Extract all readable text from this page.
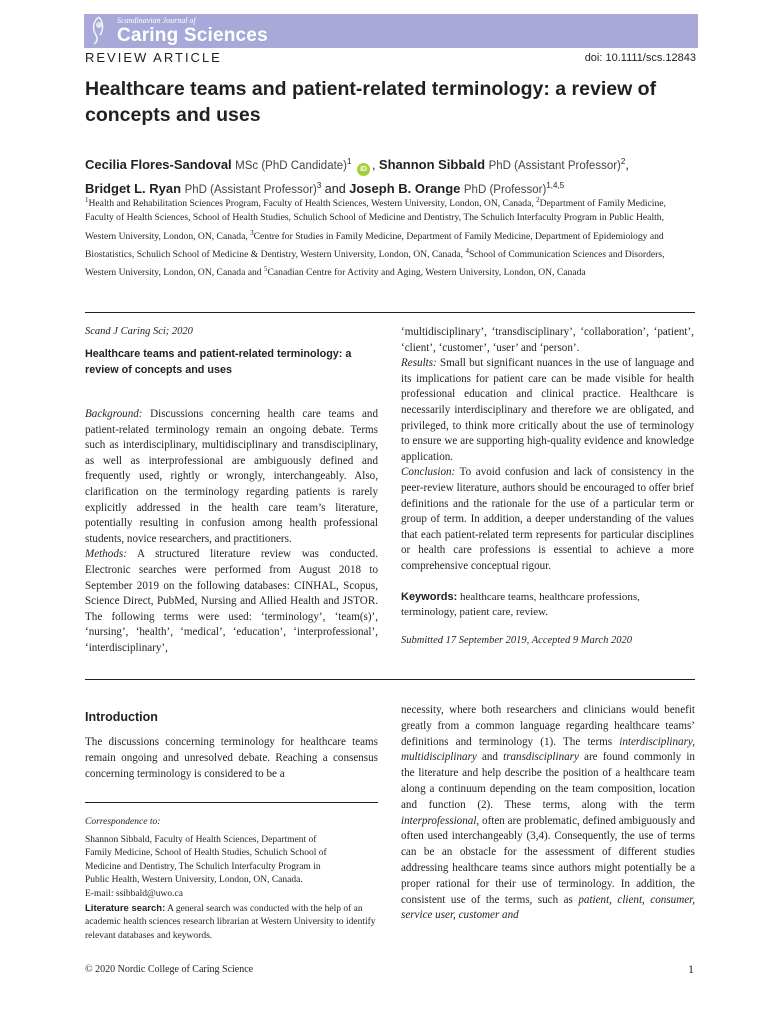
Scandinavian Journal of
Caring Sciences
REVIEW ARTICLE	doi: 10.1111/scs.12843
Healthcare teams and patient-related terminology: a review of concepts and uses
Cecilia Flores-Sandoval MSc (PhD Candidate)$^1$ iD , Shannon Sibbald PhD (Assistant Professor)$^2$,
Bridget L. Ryan PhD (Assistant Professor)$^3$ and Joseph B. Orange PhD (Professor)$^{1,4,5}$
$^1$Health and Rehabilitation Sciences Program, Faculty of Health Sciences, Western University, London, ON, Canada, $^2$Department of Family Medicine, Faculty of Health Sciences, School of Health Studies, Schulich School of Medicine and Dentistry, The Schulich Interfaculty Program in Public Health, Western University, London, ON, Canada, $^3$Centre for Studies in Family Medicine, Department of Family Medicine, Department of Epidemiology and Biostatistics, Schulich School of Medicine & Dentistry, Western University, London, ON, Canada, $^4$School of Communication Sciences and Disorders, Western University, London, ON, Canada and $^5$Canadian Centre for Activity and Aging, Western University, London, ON, Canada

Scand J Caring Sci; 2020

Healthcare teams and patient-related terminology: a review of concepts and uses

Background: Discussions concerning health care teams and patient-related terminology remain an ongoing debate. Terms such as interdisciplinary, multidisciplinary and transdisciplinary, as well as interprofessional are ambiguously defined and frequently used, rightly or wrongly, interchangeably. Also, clarification on the terminology regarding patients is rarely explicitly addressed in the health care team’s literature, potentially resulting in confusion among health professional students, novice researchers, and practitioners.

Methods: A structured literature review was conducted. Electronic searches were performed from August 2018 to September 2019 on the following databases: CINHAL, Scopus, Science Direct, PubMed, Nursing and Allied Health and JSTOR. The following terms were used: ‘terminology’, ‘team(s)’, ‘nursing’, ‘health’, ‘medical’, ‘education’, ‘interprofessional’, ‘interdisciplinary’,

‘multidisciplinary’, ‘transdisciplinary’, ‘collaboration’, ‘patient’, ‘client’, ‘customer’, ‘user’ and ‘person’.

Results: Small but significant nuances in the use of language and its implications for patient care can be made visible for health professional education and clinical practice. Healthcare is necessarily interdisciplinary and therefore we are obligated, and privileged, to think more critically about the use of terminology to ensure we are supporting high-quality evidence and knowledge application.

Conclusion: To avoid confusion and lack of consistency in the peer-review literature, authors should be encouraged to offer brief definitions and the rationale for the use of a particular term or group of term. In addition, a deeper understanding of the values that each patient-related term represents for particular disciplines or health care professions is essential to achieve a more comprehensive conceptual rigour.

Keywords: healthcare teams, healthcare professions, terminology, patient care, review.

Submitted 17 September 2019, Accepted 9 March 2020

Introduction

The discussions concerning terminology for healthcare teams remain ongoing and unresolved debate. Reaching a consensus concerning terminology is considered to be a

Correspondence to:

Shannon Sibbald, Faculty of Health Sciences, Department of

Family Medicine, School of Health Studies, Schulich School of

Medicine and Dentistry, The Schulich Interfaculty Program in

Public Health, Western University, London, ON, Canada.

E-mail: ssibbald@uwo.ca

Literature search: A general search was conducted with the help of an academic health sciences research librarian at Western University to identify relevant databases and keywords.

necessity, where both researchers and clinicians would benefit greatly from a common language regarding healthcare teams’ definitions and terminology (1). The terms interdisciplinary, multidisciplinary and transdisciplinary are found commonly in the literature and help describe the position of a healthcare team along a continuum depending on the team composition, location and function (2). These terms, along with the term interprofessional, often are problematic, defined ambiguously and often used interchangeably (3,4). Consequently, the use of terms can be an obstacle for the assessment of different studies addressing healthcare teams since authors might potentially be a proper rational for their use of terminology. In addition, the consistent use of the terms, such as patient, client, consumer, service user, customer and

© 2020 Nordic College of Caring Science	1
